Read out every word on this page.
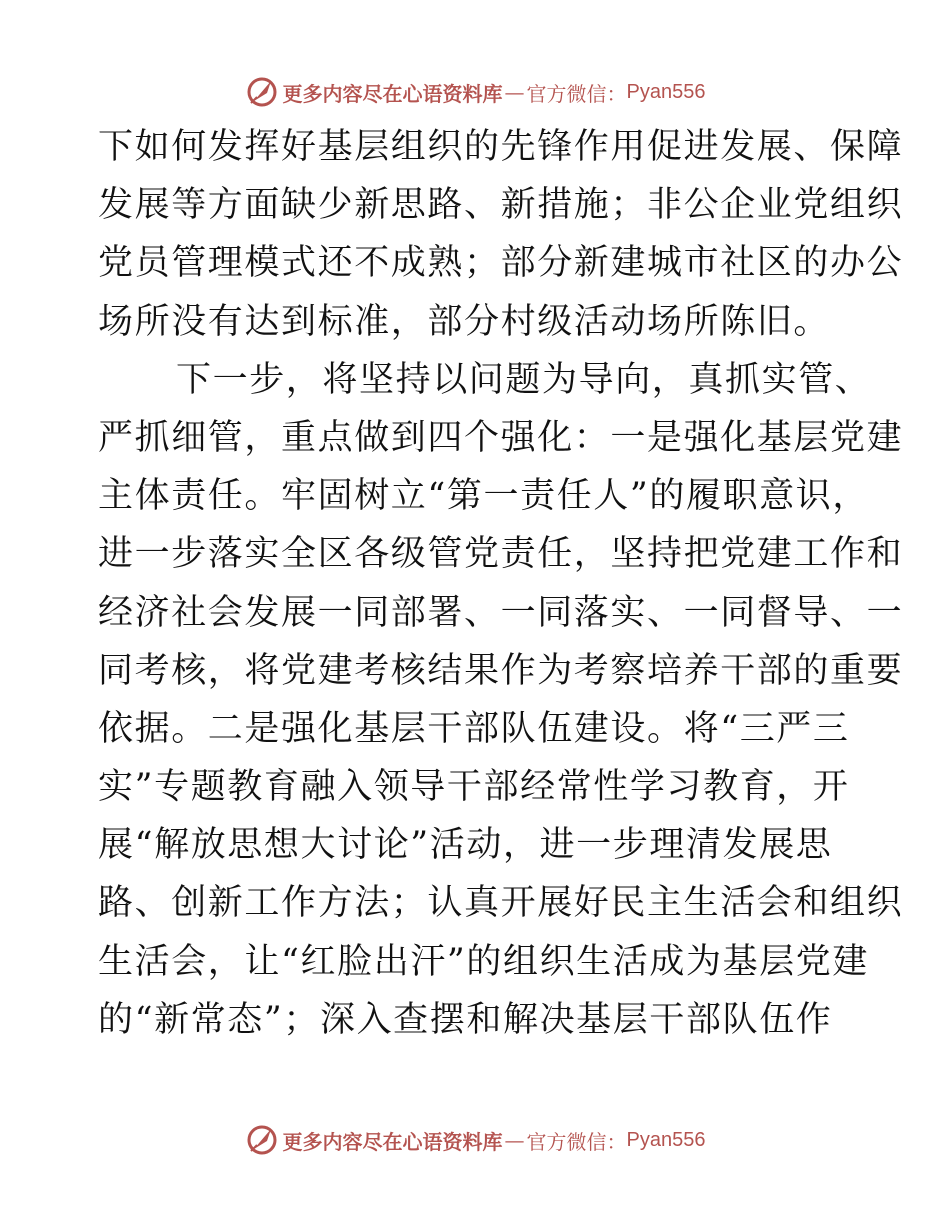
更多内容尽在心语资料库 — 官方微信： Pyan556
下如何发挥好基层组织的先锋作用促进发展、保障
发展等方面缺少新思路、新措施；非公企业党组织
党员管理模式还不成熟；部分新建城市社区的办公
场所没有达到标准，部分村级活动场所陈旧。
下一步，将坚持以问题为导向，真抓实管、
严抓细管，重点做到四个强化：一是强化基层党建
主体责任。牢固树立“第一责任人”的履职意识，
进一步落实全区各级管党责任，坚持把党建工作和
经济社会发展一同部署、一同落实、一同督导、一
同考核，将党建考核结果作为考察培养干部的重要
依据。二是强化基层干部队伍建设。将“三严三
实”专题教育融入领导干部经常性学习教育，开
展“解放思想大讨论”活动，进一步理清发展思
路、创新工作方法；认真开展好民主生活会和组织
生活会，让“红脸出汗”的组织生活成为基层党建
的“新常态”；深入查摆和解决基层干部队伍作
更多内容尽在心语资料库 — 官方微信： Pyan556
